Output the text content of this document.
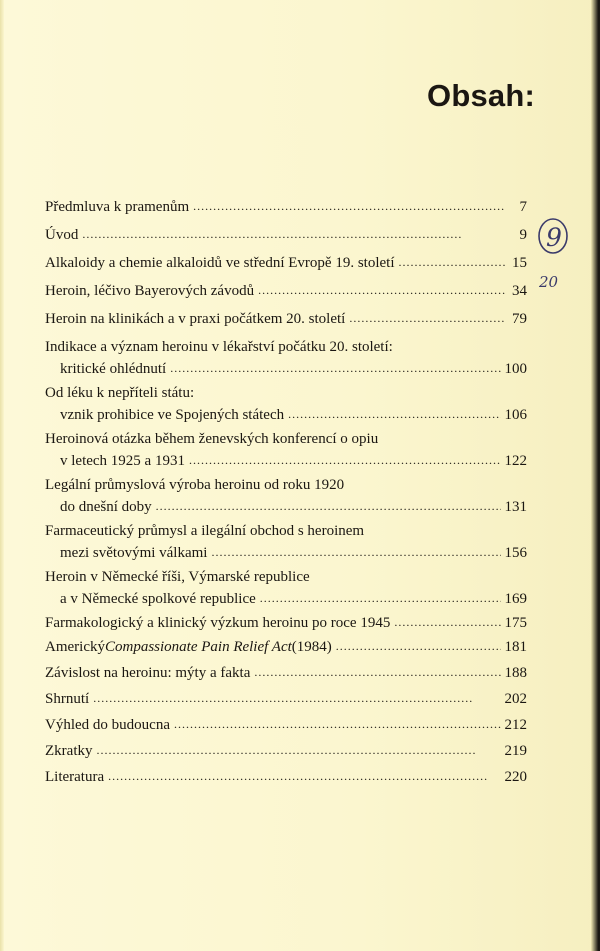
Obsah:
Předmluva k pramenům . . .	7
Úvod . . .	9
Alkaloidy a chemie alkaloidů ve střední Evropě 19. století . . .	15
Heroin, léčivo Bayerových závodů . . .	34
Heroin na klinikách a v praxi počátkem 20. století . . .	79
Indikace a význam heroinu v lékařství počátku 20. století:
kritické ohlédnutí . . .	100
Od léku k nepříteli státu:
vznik prohibice ve Spojených státech . . .	106
Heroinová otázka během ženevských konferencí o opiu
v letech 1925 a 1931 . . .	122
Legální průmyslová výroba heroinu od roku 1920
do dnešní doby . . .	131
Farmaceutický průmysl a ilegální obchod s heroinem
mezi světovými válkami . . .	156
Heroin v Německé říši, Výmarské republice
a v Německé spolkové republice . . .	169
Farmakologický a klinický výzkum heroinu po roce 1945 . . .	175
Americký Compassionate Pain Relief Act (1984) . . .	181
Závislost na heroinu: mýty a fakta . . .	188
Shrnutí . . .	202
Výhled do budoucna . . .	212
Zkratky . . .	219
Literatura . . .	220
9
20
